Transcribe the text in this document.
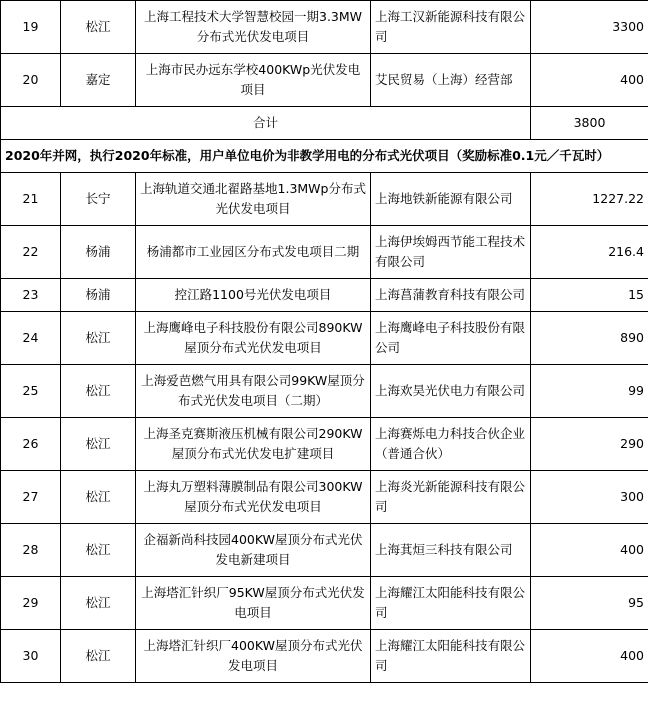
19	松江	上海工程技术大学智慧校园一期3.3MW分布式光伏发电项目	上海工汉新能源科技有限公司	3300
20	嘉定	上海市民办远东学校400KWp光伏发电项目	艾民贸易（上海）经营部	400
合计				3800
2020年并网，执行2020年标准，用户单位电价为非教学用电的分布式光伏项目（奖励标准0.1元／千瓦时）				
21	长宁	上海轨道交通北翟路基地1.3MWp分布式光伏发电项目	上海地铁新能源有限公司	1227.22
22	杨浦	杨浦都市工业园区分布式发电项目二期	上海伊埃姆西节能工程技术有限公司	216.4
23	杨浦	控江路1100号光伏发电项目	上海菖蒲教育科技有限公司	15
24	松江	上海鹰峰电子科技股份有限公司890KW屋顶分布式光伏发电项目	上海鹰峰电子科技股份有限公司	890
25	松江	上海爱芭燃气用具有限公司99KW屋顶分布式光伏发电项目（二期）	上海欢昊光伏电力有限公司	99
26	松江	上海圣克赛斯液压机械有限公司290KW屋顶分布式光伏发电扩建项目	上海赛烁电力科技合伙企业（普通合伙）	290
27	松江	上海丸万塑料薄膜制品有限公司300KW屋顶分布式光伏发电项目	上海炎光新能源科技有限公司	300
28	松江	企福新尚科技园400KW屋顶分布式光伏发电新建项目	上海萁烜三科技有限公司	400
29	松江	上海塔汇针织厂95KW屋顶分布式光伏发电项目	上海耀江太阳能科技有限公司	95
30	松江	上海塔汇针织厂400KW屋顶分布式光伏发电项目	上海耀江太阳能科技有限公司	400
